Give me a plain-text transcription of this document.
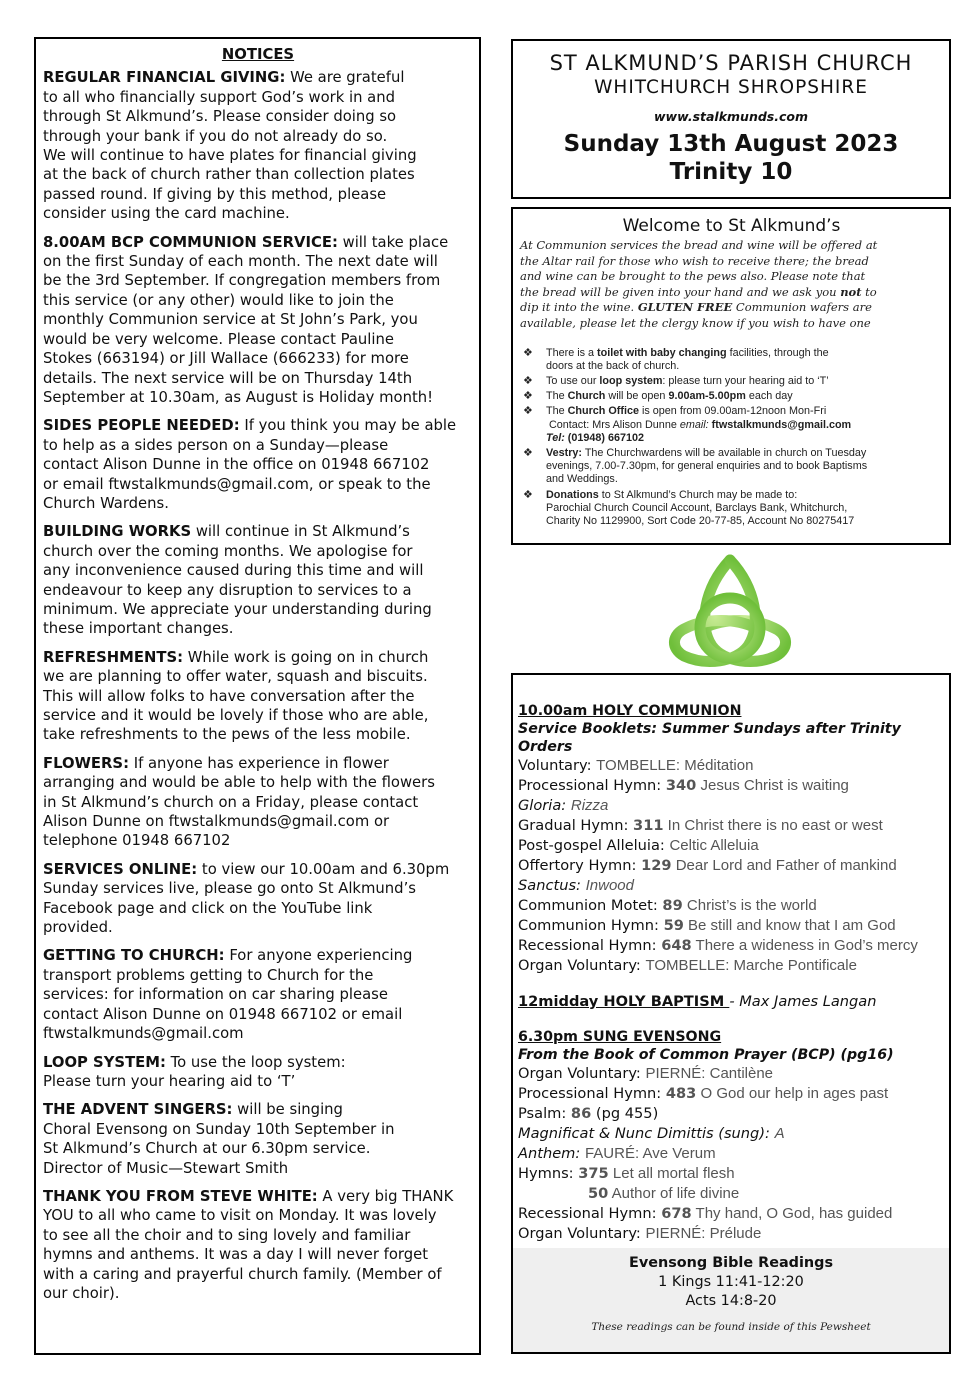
NOTICES
REGULAR FINANCIAL GIVING: We are grateful
to all who financially support God’s work in and
through St Alkmund’s. Please consider doing so
through your bank if you do not already do so.
We will continue to have plates for financial giving
at the back of church rather than collection plates
passed round. If giving by this method, please
consider using the card machine.
8.00AM BCP COMMUNION SERVICE: will take place
on the first Sunday of each month. The next date will
be the 3rd September. If congregation members from
this service (or any other) would like to join the
monthly Communion service at St John’s Park, you
would be very welcome. Please contact Pauline
Stokes (663194) or Jill Wallace (666233) for more
details. The next service will be on Thursday 14th
September at 10.30am, as August is Holiday month!
SIDES PEOPLE NEEDED: If you think you may be able
to help as a sides person on a Sunday—please
contact Alison Dunne in the office on 01948 667102
or email ftwstalkmunds@gmail.com, or speak to the
Church Wardens.
BUILDING WORKS will continue in St Alkmund’s
church over the coming months. We apologise for
any inconvenience caused during this time and will
endeavour to keep any disruption to services to a
minimum. We appreciate your understanding during
these important changes.
REFRESHMENTS: While work is going on in church
we are planning to offer water, squash and biscuits.
This will allow folks to have conversation after the
service and it would be lovely if those who are able,
take refreshments to the pews of the less mobile.
FLOWERS: If anyone has experience in flower
arranging and would be able to help with the flowers
in St Alkmund’s church on a Friday, please contact
Alison Dunne on ftwstalkmunds@gmail.com or
telephone 01948 667102
SERVICES ONLINE: to view our 10.00am and 6.30pm
Sunday services live, please go onto St Alkmund’s
Facebook page and click on the YouTube link
provided.
GETTING TO CHURCH: For anyone experiencing
transport problems getting to Church for the
services: for information on car sharing please
contact Alison Dunne on 01948 667102 or email
ftwstalkmunds@gmail.com
LOOP SYSTEM: To use the loop system:
Please turn your hearing aid to ‘T’
THE ADVENT SINGERS: will be singing
Choral Evensong on Sunday 10th September in
St Alkmund’s Church at our 6.30pm service.
Director of Music—Stewart Smith
THANK YOU FROM STEVE WHITE: A very big THANK
YOU to all who came to visit on Monday. It was lovely
to see all the choir and to sing lovely and familiar
hymns and anthems. It was a day I will never forget
with a caring and prayerful church family. (Member of
our choir).
ST ALKMUND’S PARISH CHURCH
WHITCHURCH SHROPSHIRE
www.stalkmunds.com
Sunday 13th August 2023
Trinity 10
Welcome to St Alkmund’s
At Communion services the bread and wine will be offered at
the Altar rail for those who wish to receive there; the bread
and wine can be brought to the pews also. Please note that
the bread will be given into your hand and we ask you not to
dip it into the wine. GLUTEN FREE Communion wafers are
available, please let the clergy know if you wish to have one
❖ There is a toilet with baby changing facilities, through the
doors at the back of church.
❖ To use our loop system: please turn your hearing aid to ‘T’
❖ The Church will be open 9.00am-5.00pm each day
❖ The Church Office is open from 09.00am-12noon Mon-Fri
Contact: Mrs Alison Dunne email: ftwstalkmunds@gmail.com
Tel: (01948) 667102
❖ Vestry: The Churchwardens will be available in church on Tuesday
evenings, 7.00-7.30pm, for general enquiries and to book Baptisms
and Weddings.
❖ Donations to St Alkmund’s Church may be made to:
Parochial Church Council Account, Barclays Bank, Whitchurch,
Charity No 1129900, Sort Code 20-77-85, Account No 80275417
10.00am HOLY COMMUNION
Service Booklets: Summer Sundays after Trinity Orders
Voluntary: TOMBELLE: Méditation
Processional Hymn: 340 Jesus Christ is waiting
Gloria: Rizza
Gradual Hymn: 311 In Christ there is no east or west
Post-gospel Alleluia: Celtic Alleluia
Offertory Hymn: 129 Dear Lord and Father of mankind
Sanctus: Inwood
Communion Motet: 89 Christ’s is the world
Communion Hymn: 59 Be still and know that I am God
Recessional Hymn: 648 There a wideness in God’s mercy
Organ Voluntary: TOMBELLE: Marche Pontificale
12midday HOLY BAPTISM - Max James Langan
6.30pm SUNG EVENSONG
From the Book of Common Prayer (BCP) (pg16)
Organ Voluntary: PIERNÉ: Cantilène
Processional Hymn: 483 O God our help in ages past
Psalm: 86 (pg 455)
Magnificat & Nunc Dimittis (sung): A
Anthem: FAURÉ: Ave Verum
Hymns: 375 Let all mortal flesh
50 Author of life divine
Recessional Hymn: 678 Thy hand, O God, has guided
Organ Voluntary: PIERNÉ: Prélude
Evensong Bible Readings
1 Kings 11:41-12:20
Acts 14:8-20
These readings can be found inside of this Pewsheet
